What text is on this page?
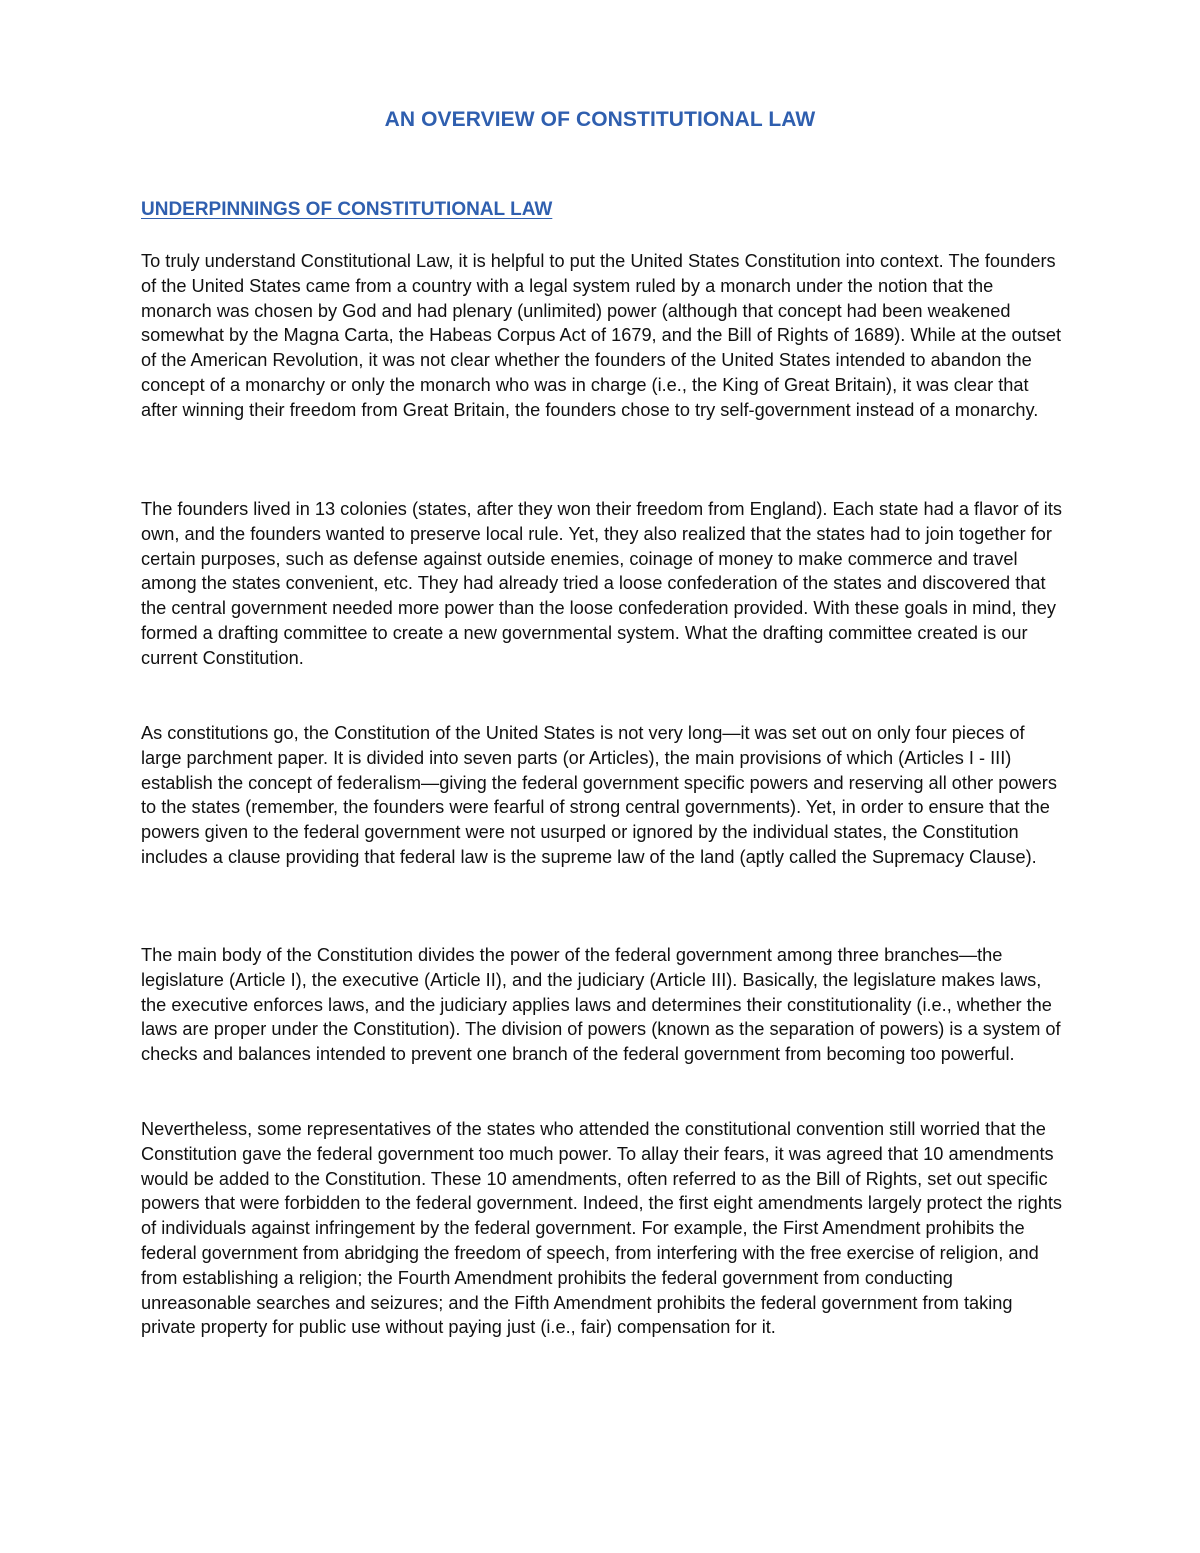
AN OVERVIEW OF CONSTITUTIONAL LAW
UNDERPINNINGS OF CONSTITUTIONAL LAW

To truly understand Constitutional Law, it is helpful to put the United States Constitution into context. The founders of the United States came from a country with a legal system ruled by a monarch under the notion that the monarch was chosen by God and had plenary (unlimited) power (although that concept had been weakened somewhat by the Magna Carta, the Habeas Corpus Act of 1679, and the Bill of Rights of 1689). While at the outset of the American Revolution, it was not clear whether the founders of the United States intended to abandon the concept of a monarchy or only the monarch who was in charge (i.e., the King of Great Britain), it was clear that after winning their freedom from Great Britain, the founders chose to try self-government instead of a monarchy.

The founders lived in 13 colonies (states, after they won their freedom from England). Each state had a flavor of its own, and the founders wanted to preserve local rule. Yet, they also realized that the states had to join together for certain purposes, such as defense against outside enemies, coinage of money to make commerce and travel among the states convenient, etc. They had already tried a loose confederation of the states and discovered that the central government needed more power than the loose confederation provided. With these goals in mind, they formed a drafting committee to create a new governmental system. What the drafting committee created is our current Constitution.

As constitutions go, the Constitution of the United States is not very long—it was set out on only four pieces of large parchment paper. It is divided into seven parts (or Articles), the main provisions of which (Articles I - III) establish the concept of federalism—giving the federal government specific powers and reserving all other powers to the states (remember, the founders were fearful of strong central governments). Yet, in order to ensure that the powers given to the federal government were not usurped or ignored by the individual states, the Constitution includes a clause providing that federal law is the supreme law of the land (aptly called the Supremacy Clause).

The main body of the Constitution divides the power of the federal government among three branches—the legislature (Article I), the executive (Article II), and the judiciary (Article III). Basically, the legislature makes laws, the executive enforces laws, and the judiciary applies laws and determines their constitutionality (i.e., whether the laws are proper under the Constitution). The division of powers (known as the separation of powers) is a system of checks and balances intended to prevent one branch of the federal government from becoming too powerful.

Nevertheless, some representatives of the states who attended the constitutional convention still worried that the Constitution gave the federal government too much power. To allay their fears, it was agreed that 10 amendments would be added to the Constitution. These 10 amendments, often referred to as the Bill of Rights, set out specific powers that were forbidden to the federal government. Indeed, the first eight amendments largely protect the rights of individuals against infringement by the federal government. For example, the First Amendment prohibits the federal government from abridging the freedom of speech, from interfering with the free exercise of religion, and from establishing a religion; the Fourth Amendment prohibits the federal government from conducting unreasonable searches and seizures; and the Fifth Amendment prohibits the federal government from taking private property for public use without paying just (i.e., fair) compensation for it.
